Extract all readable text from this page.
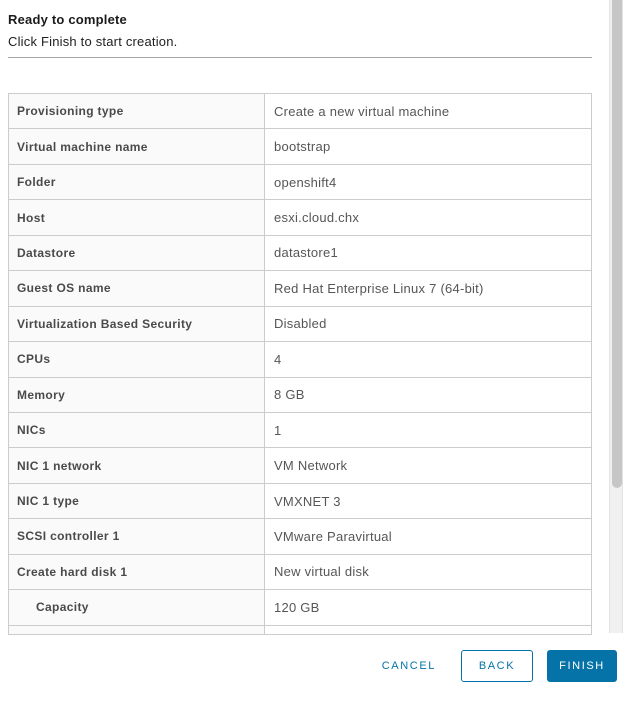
Ready to complete
Click Finish to start creation.
Provisioning type	Create a new virtual machine
Virtual machine name	bootstrap
Folder	openshift4
Host	esxi.cloud.chx
Datastore	datastore1
Guest OS name	Red Hat Enterprise Linux 7 (64-bit)
Virtualization Based Security	Disabled
CPUs	4
Memory	8 GB
NICs	1
NIC 1 network	VM Network
NIC 1 type	VMXNET 3
SCSI controller 1	VMware Paravirtual
Create hard disk 1	New virtual disk
Capacity	120 GB
CANCEL	BACK	FINISH
